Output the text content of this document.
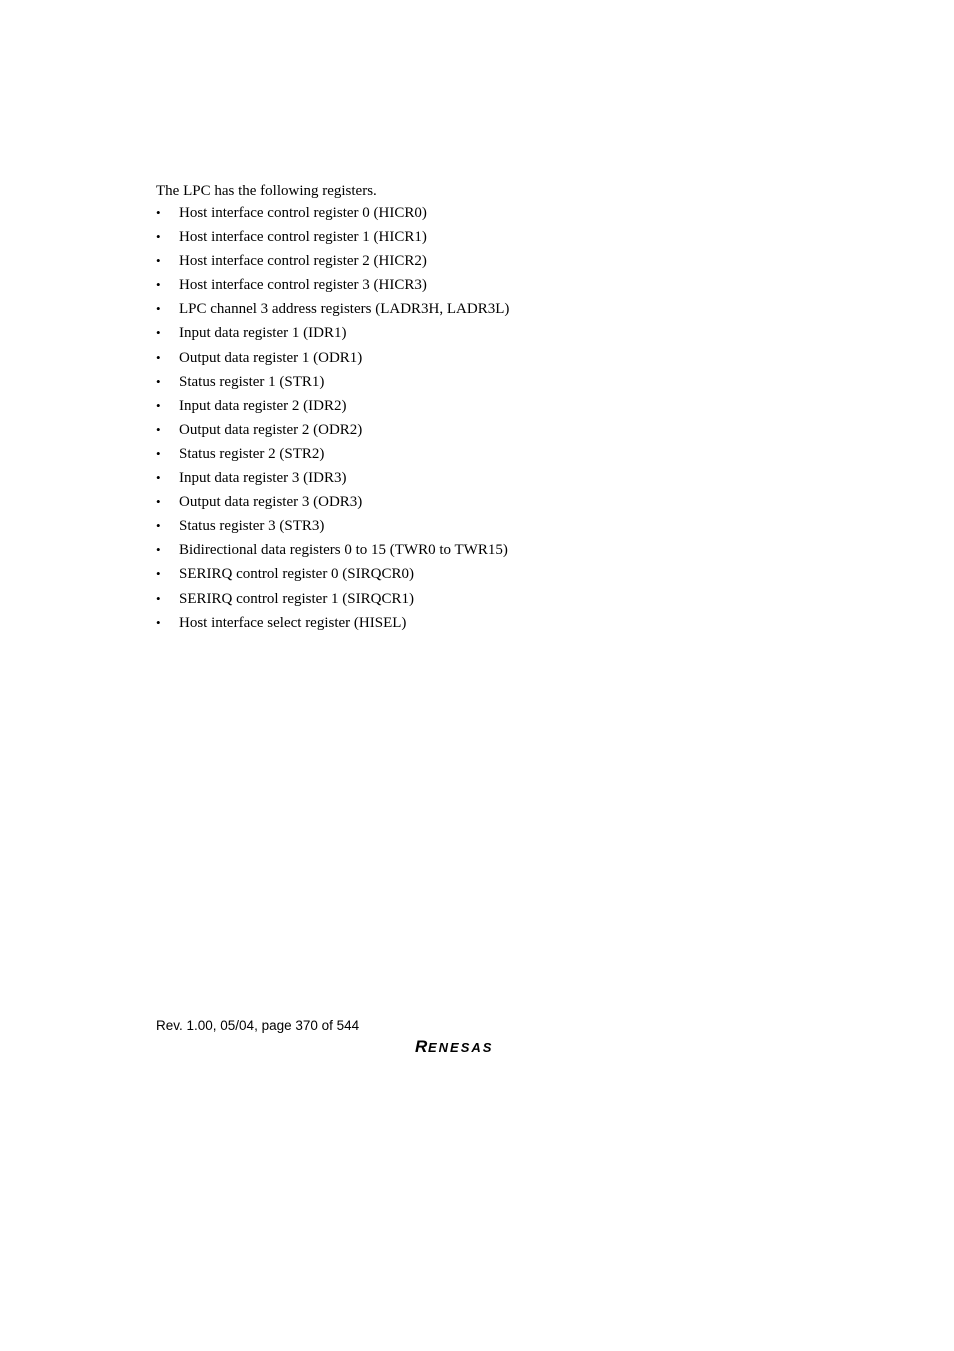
The LPC has the following registers.

•	Host interface control register 0 (HICR0)
•	Host interface control register 1 (HICR1)
•	Host interface control register 2 (HICR2)
•	Host interface control register 3 (HICR3)
•	LPC channel 3 address registers (LADR3H, LADR3L)
•	Input data register 1 (IDR1)
•	Output data register 1 (ODR1)
•	Status register 1 (STR1)
•	Input data register 2 (IDR2)
•	Output data register 2 (ODR2)
•	Status register 2 (STR2)
•	Input data register 3 (IDR3)
•	Output data register 3 (ODR3)
•	Status register 3 (STR3)
•	Bidirectional data registers 0 to 15 (TWR0 to TWR15)
•	SERIRQ control register 0 (SIRQCR0)
•	SERIRQ control register 1 (SIRQCR1)
•	Host interface select register (HISEL)
Rev. 1.00, 05/04, page 370 of 544
R ENESAS
